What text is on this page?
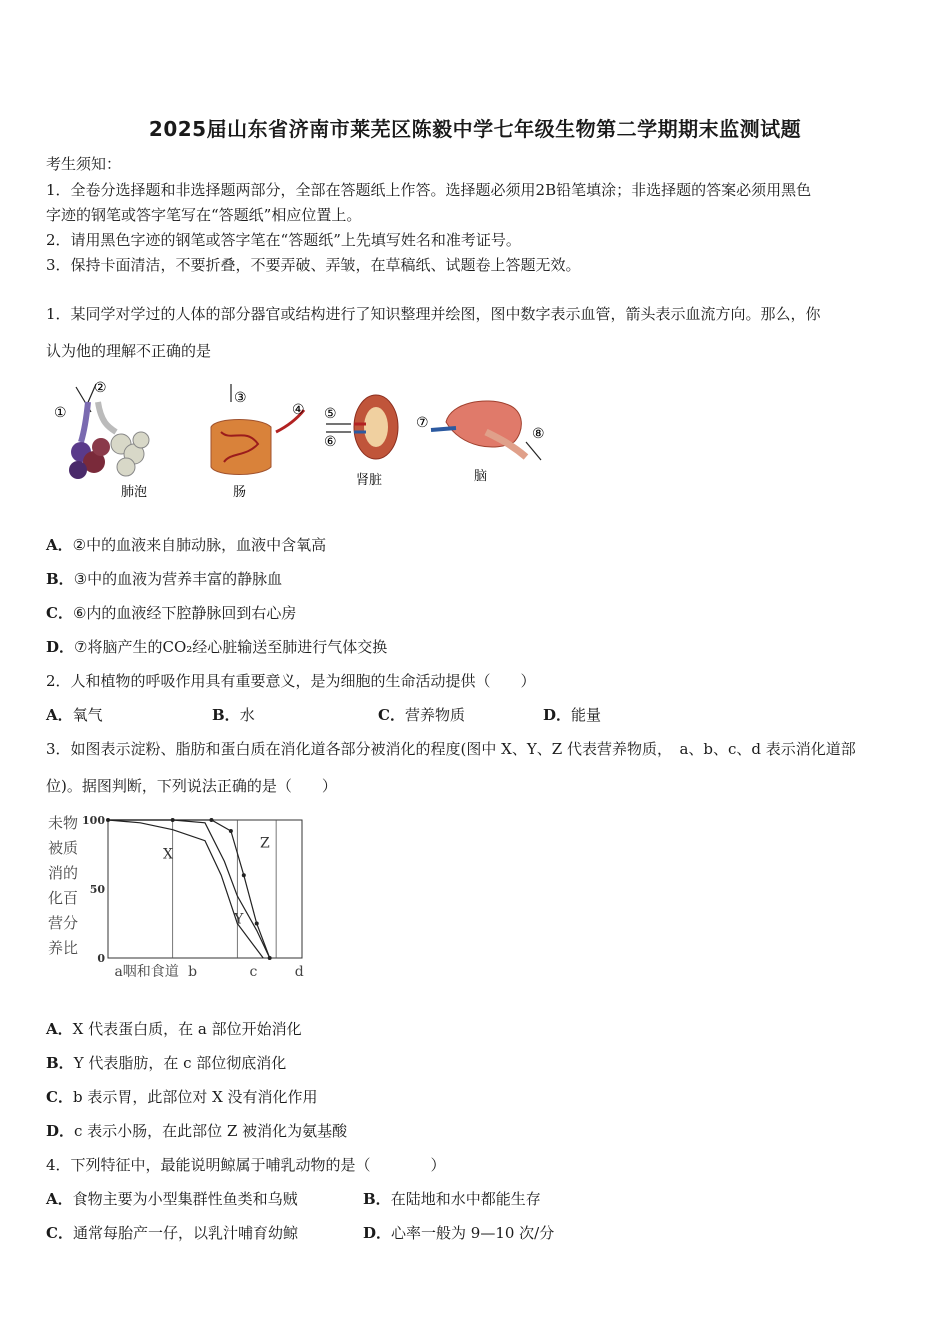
2025届山东省济南市莱芜区陈毅中学七年级生物第二学期期末监测试题
考生须知：
1．全卷分选择题和非选择题两部分，全部在答题纸上作答。选择题必须用2B铅笔填涂；非选择题的答案必须用黑色
字迹的钢笔或答字笔写在“答题纸”相应位置上。
2．请用黑色字迹的钢笔或答字笔在“答题纸”上先填写姓名和准考证号。
3．保持卡面清洁，不要折叠，不要弄破、弄皱，在草稿纸、试题卷上答题无效。
1．某同学对学过的人体的部分器官或结构进行了知识整理并绘图，图中数字表示血管，箭头表示血流方向。那么，你
认为他的理解不正确的是
①
②
肺泡
③
④
肠
⑤
⑥
肾脏
⑦
⑧
脑
A．②中的血液来自肺动脉，血液中含氧高
B．③中的血液为营养丰富的静脉血
C．⑥内的血液经下腔静脉回到右心房
D．⑦将脑产生的CO₂经心脏输送至肺进行气体交换
2．人和植物的呼吸作用具有重要意义，是为细胞的生命活动提供（　　）
A．氧气	B．水	C．营养物质	D．能量
3．如图表示淀粉、脂肪和蛋白质在消化道各部分被消化的程度(图中 X、Y、Z 代表营养物质，　a、b、c、d 表示消化道部
位)。据图判断，下列说法正确的是（　　）
未物
被质
消的
化百
营分
养比
100
50
0
X
Y
Z
a咽和食道 b	c	d
A．X 代表蛋白质，在 a 部位开始消化
B．Y 代表脂肪，在 c 部位彻底消化
C．b 表示胃，此部位对 X 没有消化作用
D．c 表示小肠，在此部位 Z 被消化为氨基酸
4．下列特征中，最能说明鲸属于哺乳动物的是（　　　　）
A．食物主要为小型集群性鱼类和乌贼	B．在陆地和水中都能生存
C．通常每胎产一仔，以乳汁哺育幼鲸	D．心率一般为 9—10 次/分
